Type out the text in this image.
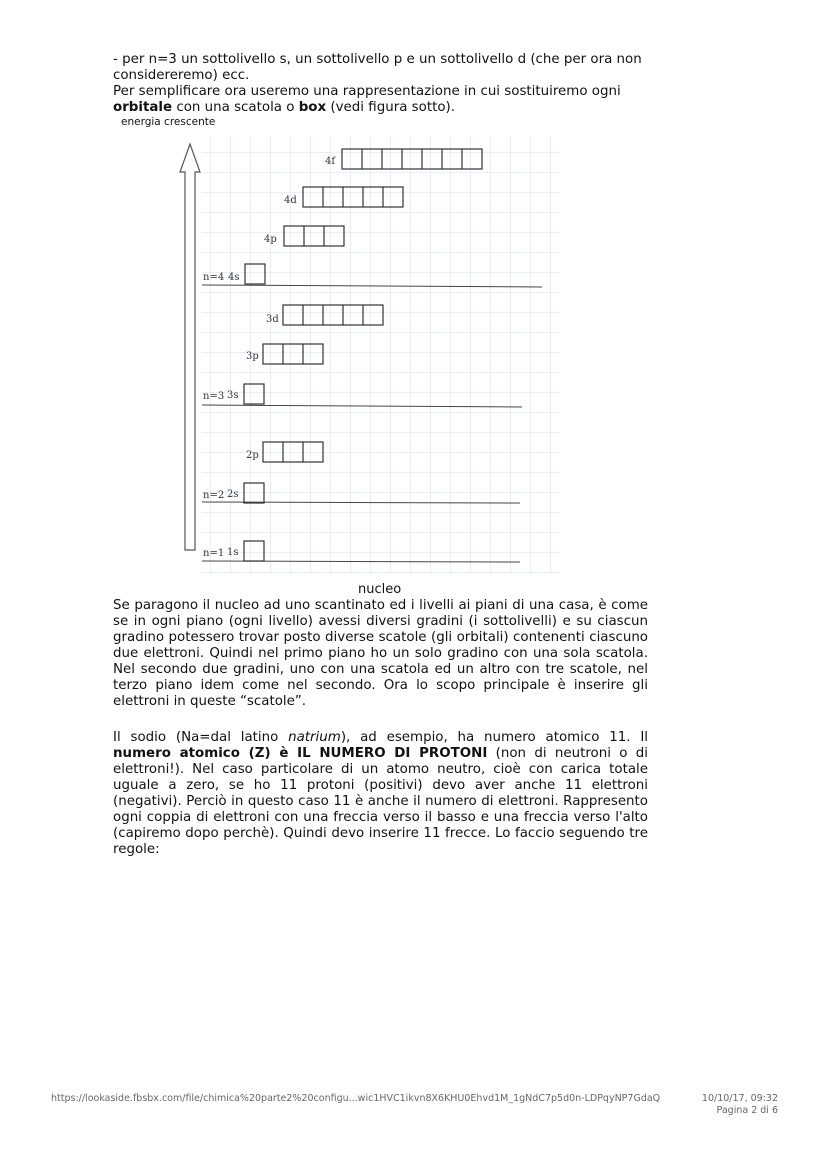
- per n=3 un sottolivello s, un sottolivello p e un sottolivello d (che per ora non considereremo) ecc.

Per semplificare ora useremo una rappresentazione in cui sostituiremo ogni orbitale con una scatola o box (vedi figura sotto).

energia crescente
4f
4d
4p
n=4 4s
3d
3p
n=3 3s
2p
n=2 2s
n=1 1s
nucleo

Se paragono il nucleo ad uno scantinato ed i livelli ai piani di una casa, è come se in ogni piano (ogni livello) avessi diversi gradini (i sottolivelli) e su ciascun gradino potessero trovar posto diverse scatole (gli orbitali) contenenti ciascuno due elettroni. Quindi nel primo piano ho un solo gradino con una sola scatola. Nel secondo due gradini, uno con una scatola ed un altro con tre scatole, nel terzo piano idem come nel secondo. Ora lo scopo principale è inserire gli elettroni in queste “scatole”.

Il sodio (Na=dal latino natrium), ad esempio, ha numero atomico 11. Il numero atomico (Z) è IL NUMERO DI PROTONI (non di neutroni o di elettroni!). Nel caso particolare di un atomo neutro, cioè con carica totale uguale a zero, se ho 11 protoni (positivi) devo aver anche 11 elettroni (negativi). Perciò in questo caso 11 è anche il numero di elettroni. Rappresento ogni coppia di elettroni con una freccia verso il basso e una freccia verso l'alto (capiremo dopo perchè). Quindi devo inserire 11 frecce. Lo faccio seguendo tre regole:

https://lookaside.fbsbx.com/file/chimica%20parte2%20configu...wic1HVC1ikvn8X6KHU0Ehvd1M_1gNdC7p5d0n-LDPqyNP7GdaQ	10/10/17, 09:32
Pagina 2 di 6
